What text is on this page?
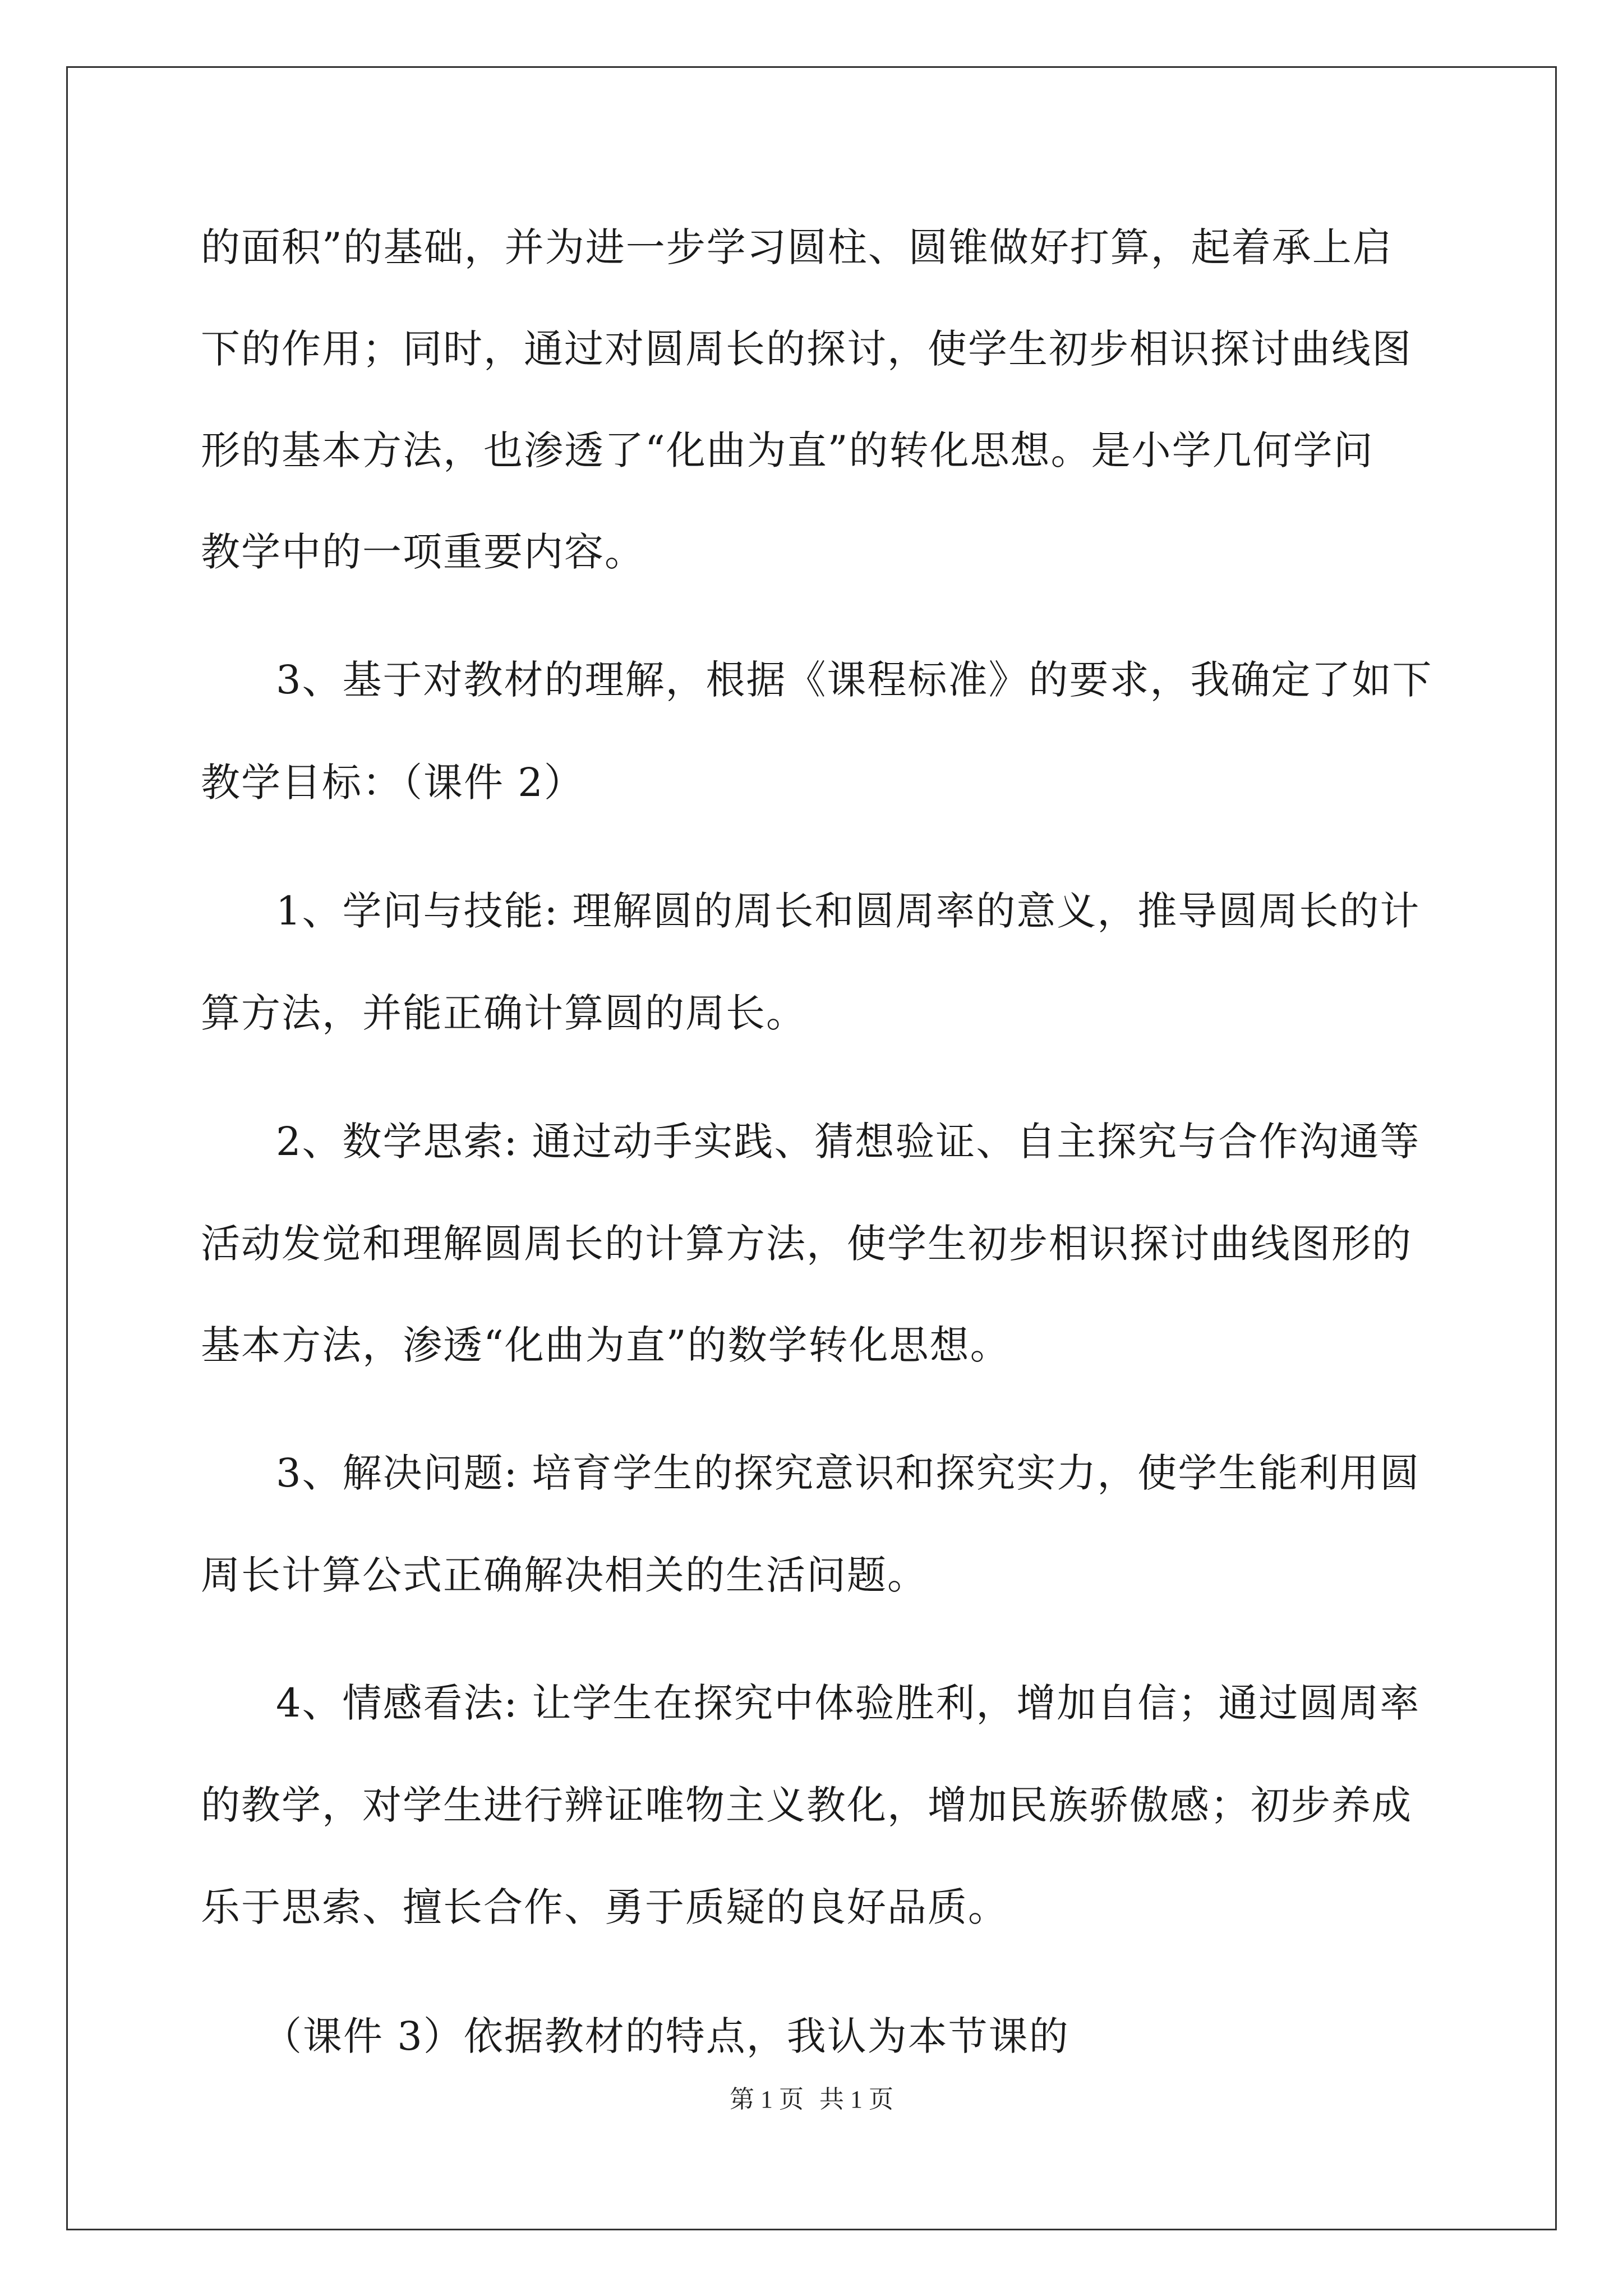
的面积”的基础，并为进一步学习圆柱、圆锥做好打算，起着承上启
下的作用；同时，通过对圆周长的探讨，使学生初步相识探讨曲线图
形的基本方法，也渗透了“化曲为直”的转化思想。是小学几何学问
教学中的一项重要内容。
3、基于对教材的理解，根据《课程标准》的要求，我确定了如下
教学目标：（课件 2）
1、学问与技能: 理解圆的周长和圆周率的意义，推导圆周长的计
算方法，并能正确计算圆的周长。
2、数学思索: 通过动手实践、猜想验证、自主探究与合作沟通等
活动发觉和理解圆周长的计算方法，使学生初步相识探讨曲线图形的
基本方法，渗透“化曲为直”的数学转化思想。
3、解决问题: 培育学生的探究意识和探究实力，使学生能利用圆
周长计算公式正确解决相关的生活问题。
4、情感看法: 让学生在探究中体验胜利，增加自信；通过圆周率
的教学，对学生进行辨证唯物主义教化，增加民族骄傲感；初步养成
乐于思索、擅长合作、勇于质疑的良好品质。
（课件 3）依据教材的特点，我认为本节课的
第 1 页 共 1 页
